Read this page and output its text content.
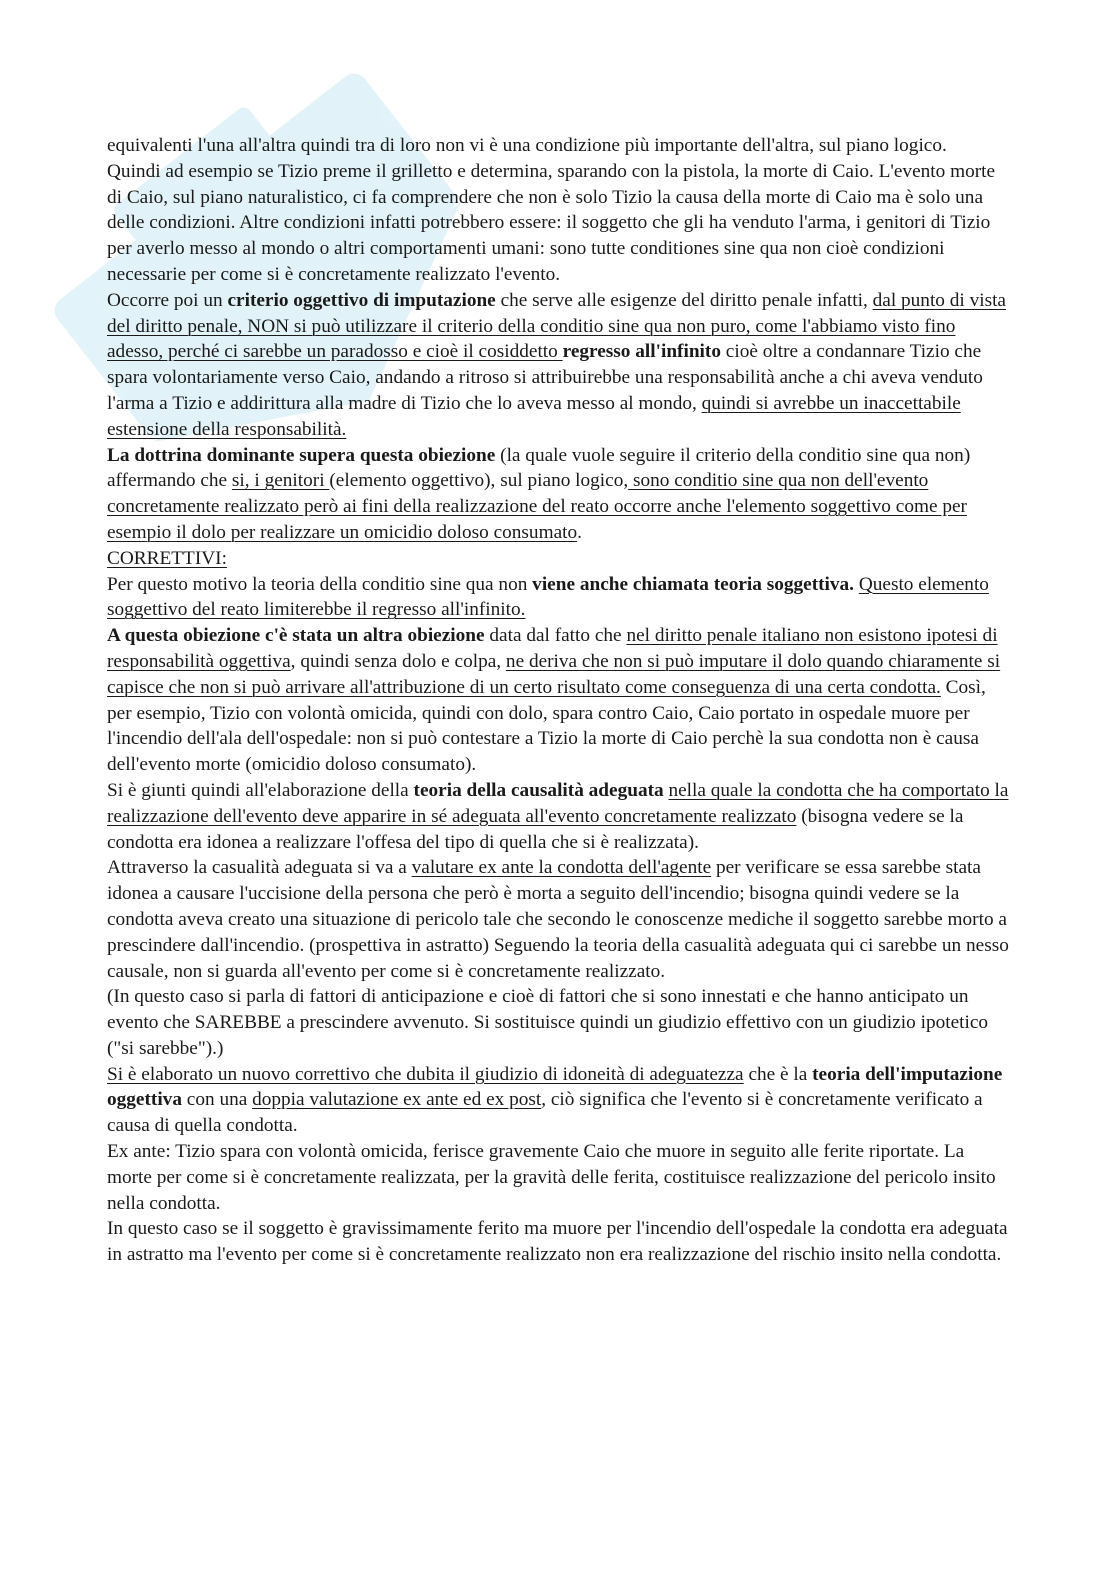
equivalenti l'una all'altra quindi tra di loro non vi è una condizione più importante dell'altra, sul piano logico.

Quindi ad esempio se Tizio preme il grilletto e determina, sparando con la pistola, la morte di Caio. L'evento morte di Caio, sul piano naturalistico, ci fa comprendere che non è solo Tizio la causa della morte di Caio ma è solo una delle condizioni. Altre condizioni infatti potrebbero essere: il soggetto che gli ha venduto l'arma, i genitori di Tizio per averlo messo al mondo o altri comportamenti umani: sono tutte conditiones sine qua non cioè condizioni necessarie per come si è concretamente realizzato l'evento.

Occorre poi un criterio oggettivo di imputazione che serve alle esigenze del diritto penale infatti, dal punto di vista del diritto penale, NON si può utilizzare il criterio della conditio sine qua non puro, come l'abbiamo visto fino adesso, perché ci sarebbe un paradosso e cioè il cosiddetto regresso all'infinito cioè oltre a condannare Tizio che spara volontariamente verso Caio, andando a ritroso si attribuirebbe una responsabilità anche a chi aveva venduto l'arma a Tizio e addirittura alla madre di Tizio che lo aveva messo al mondo, quindi si avrebbe un inaccettabile estensione della responsabilità.

La dottrina dominante supera questa obiezione (la quale vuole seguire il criterio della conditio sine qua non) affermando che si, i genitori (elemento oggettivo), sul piano logico, sono conditio sine qua non dell'evento concretamente realizzato però ai fini della realizzazione del reato occorre anche l'elemento soggettivo come per esempio il dolo per realizzare un omicidio doloso consumato.

CORRETTIVI:

Per questo motivo la teoria della conditio sine qua non viene anche chiamata teoria soggettiva. Questo elemento soggettivo del reato limiterebbe il regresso all'infinito.

A questa obiezione c'è stata un altra obiezione data dal fatto che nel diritto penale italiano non esistono ipotesi di responsabilità oggettiva, quindi senza dolo e colpa, ne deriva che non si può imputare il dolo quando chiaramente si capisce che non si può arrivare all'attribuzione di un certo risultato come conseguenza di una certa condotta. Così, per esempio, Tizio con volontà omicida, quindi con dolo, spara contro Caio, Caio portato in ospedale muore per l'incendio dell'ala dell'ospedale: non si può contestare a Tizio la morte di Caio perchè la sua condotta non è causa dell'evento morte (omicidio doloso consumato).

Si è giunti quindi all'elaborazione della teoria della causalità adeguata nella quale la condotta che ha comportato la realizzazione dell'evento deve apparire in sé adeguata all'evento concretamente realizzato (bisogna vedere se la condotta era idonea a realizzare l'offesa del tipo di quella che si è realizzata).

Attraverso la casualità adeguata si va a valutare ex ante la condotta dell'agente per verificare se essa sarebbe stata idonea a causare l'uccisione della persona che però è morta a seguito dell'incendio; bisogna quindi vedere se la condotta aveva creato una situazione di pericolo tale che secondo le conoscenze mediche il soggetto sarebbe morto a prescindere dall'incendio. (prospettiva in astratto) Seguendo la teoria della casualità adeguata qui ci sarebbe un nesso causale, non si guarda all'evento per come si è concretamente realizzato.

(In questo caso si parla di fattori di anticipazione e cioè di fattori che si sono innestati e che hanno anticipato un evento che SAREBBE a prescindere avvenuto. Si sostituisce quindi un giudizio effettivo con un giudizio ipotetico ("si sarebbe").)

Si è elaborato un nuovo correttivo che dubita il giudizio di idoneità di adeguatezza che è la teoria dell'imputazione oggettiva con una doppia valutazione ex ante ed ex post, ciò significa che l'evento si è concretamente verificato a causa di quella condotta.

Ex ante: Tizio spara con volontà omicida, ferisce gravemente Caio che muore in seguito alle ferite riportate. La morte per come si è concretamente realizzata, per la gravità delle ferita, costituisce realizzazione del pericolo insito nella condotta.

In questo caso se il soggetto è gravissimamente ferito ma muore per l'incendio dell'ospedale la condotta era adeguata in astratto ma l'evento per come si è concretamente realizzato non era realizzazione del rischio insito nella condotta.
